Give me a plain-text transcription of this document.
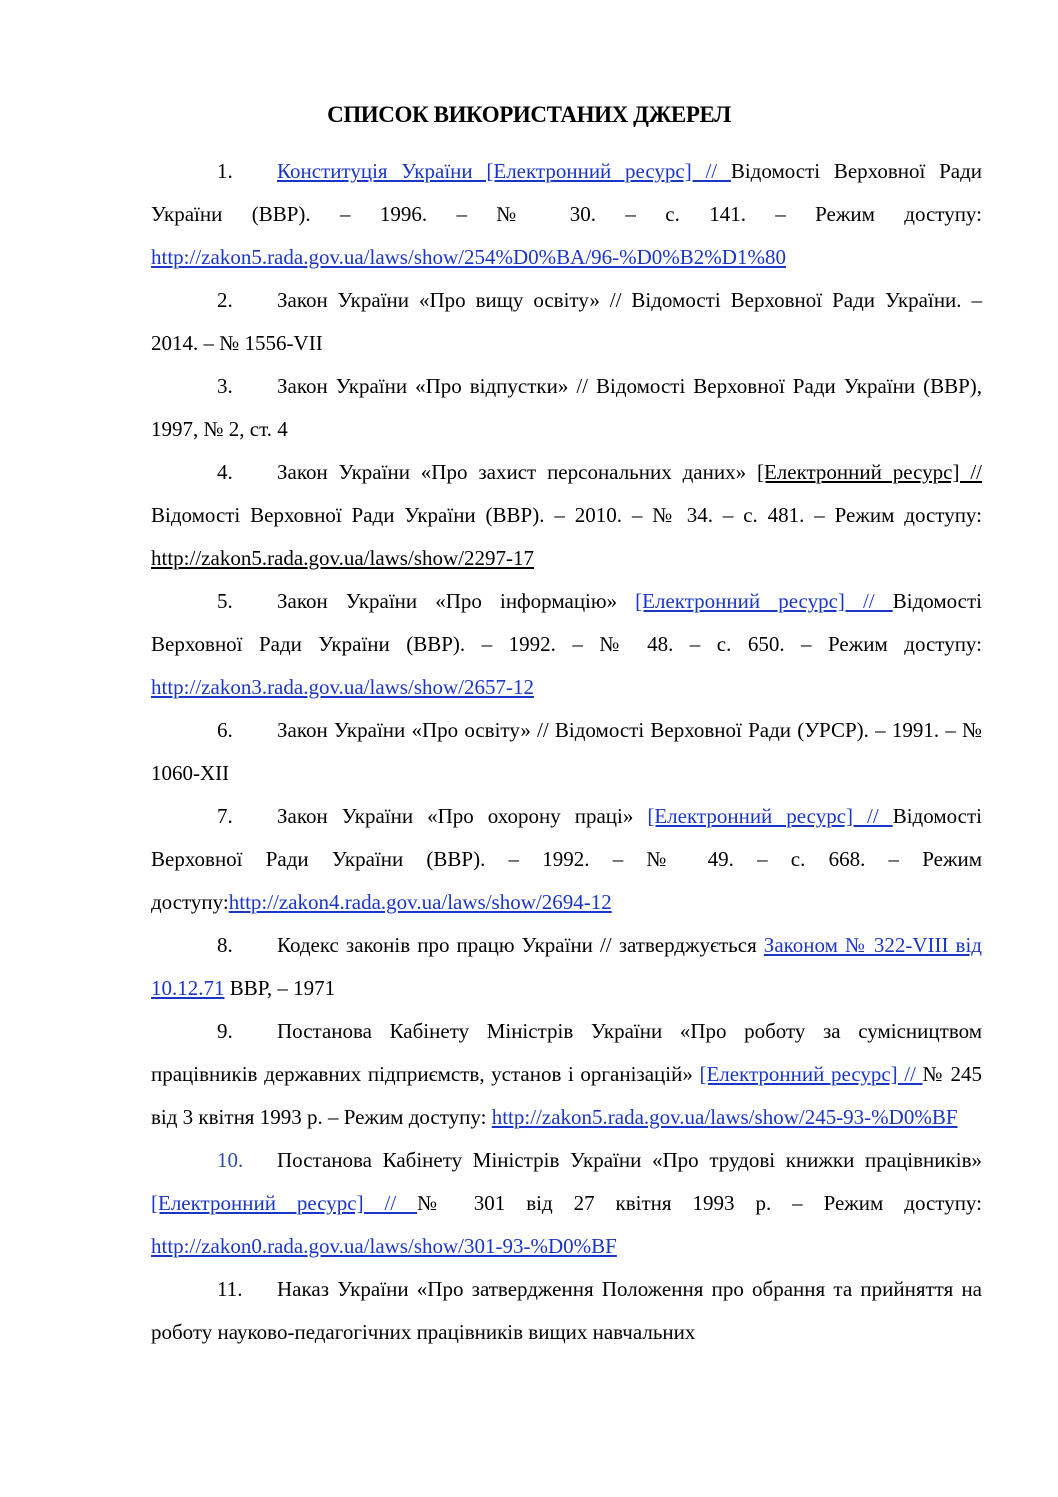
СПИСОК ВИКОРИСТАНИХ ДЖЕРЕЛ

1. Конституція України [Електронний ресурс] // Відомості Верховної Ради України (ВВР). – 1996. – № 30. – с. 141. – Режим доступу: http://zakon5.rada.gov.ua/laws/show/254%D0%BA/96-%D0%B2%D1%80

2. Закон України «Про вищу освіту» // Відомості Верховної Ради України. –2014. – № 1556-VII

3. Закон України «Про відпустки» // Відомості Верховної Ради України (ВВР), 1997, № 2, ст. 4

4. Закон України «Про захист персональних даних» [Електронний ресурс] // Відомості Верховної Ради України (ВВР). – 2010. – № 34. – с. 481. – Режим доступу: http://zakon5.rada.gov.ua/laws/show/2297-17

5. Закон України «Про інформацію» [Електронний ресурс] // Відомості Верховної Ради України (ВВР). – 1992. – № 48. – с. 650. – Режим доступу: http://zakon3.rada.gov.ua/laws/show/2657-12

6. Закон України «Про освіту» // Відомості Верховної Ради (УРСР). – 1991. – № 1060-XII

7. Закон України «Про охорону праці» [Електронний ресурс] // Відомості Верховної Ради України (ВВР). – 1992. – № 49. – с. 668. – Режим доступу:http://zakon4.rada.gov.ua/laws/show/2694-12

8. Кодекс законів про працю України // затверджується Законом № 322-VIII від 10.12.71 ВВР, – 1971

9. Постанова Кабінету Міністрів України «Про роботу за сумісництвом працівників державних підприємств, установ і організацій» [Електронний ресурс] // № 245 від 3 квітня 1993 р. – Режим доступу: http://zakon5.rada.gov.ua/laws/show/245-93-%D0%BF

10. Постанова Кабінету Міністрів України «Про трудові книжки працівників» [Електронний ресурс] // № 301 від 27 квітня 1993 р. – Режим доступу: http://zakon0.rada.gov.ua/laws/show/301-93-%D0%BF

11. Наказ України «Про затвердження Положення про обрання та прийняття на роботу науково-педагогічних працівників вищих навчальних
